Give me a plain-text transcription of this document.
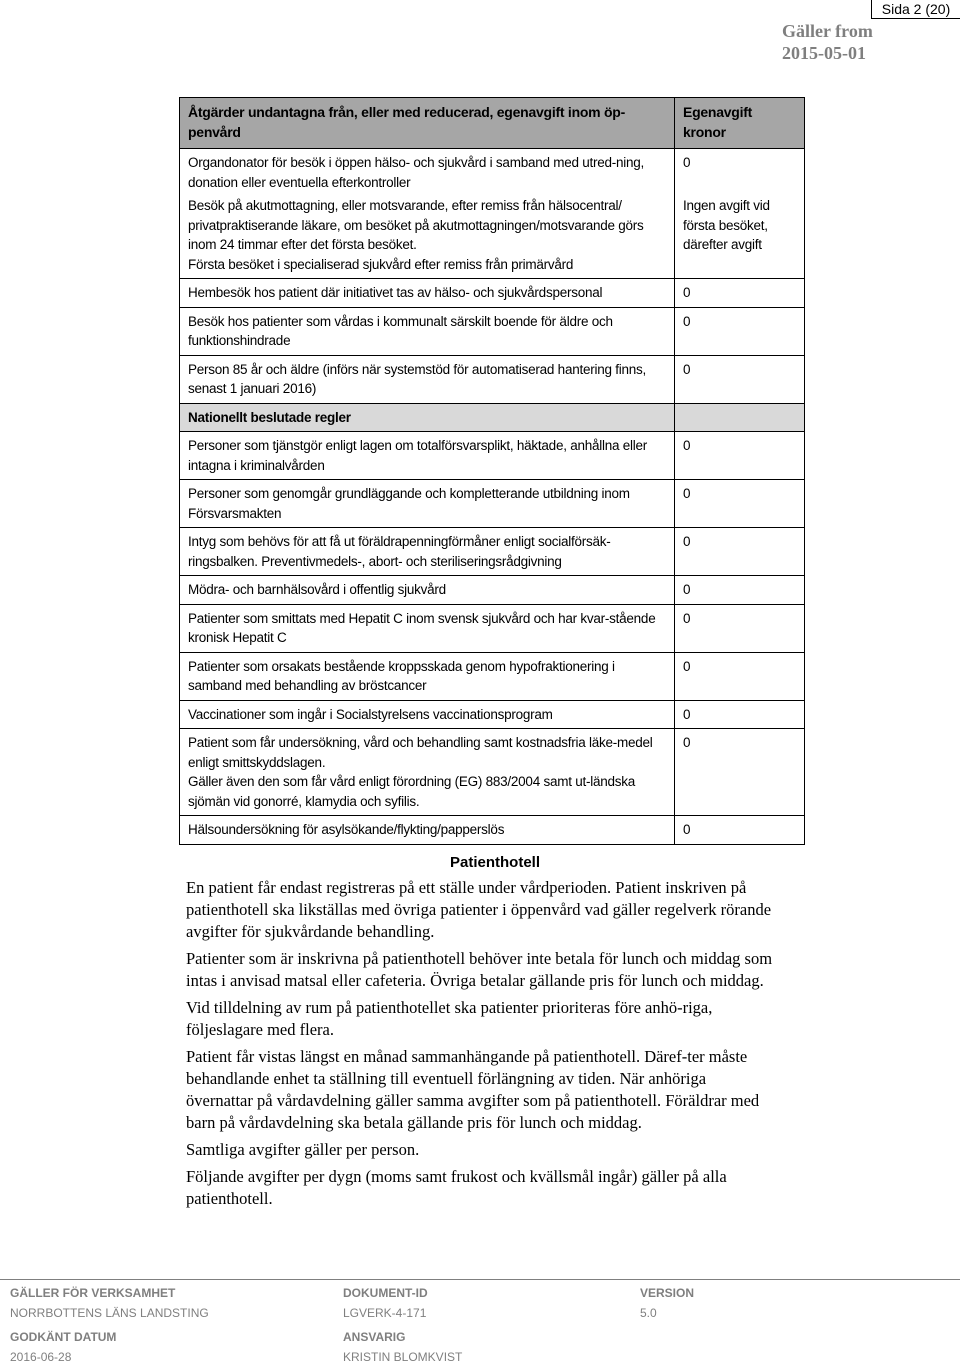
Sida 2 (20)
Gäller from
2015-05-01
Åtgärder undantagna från, eller med reducerad, egenavgift inom öp-penvård	Egenavgift kronor

Organdonator för besök i öppen hälso- och sjukvård i samband med utred-ning, donation eller eventuella efterkontroller	0

Besök på akutmottagning, eller motsvarande, efter remiss från hälsocentral/ privatpraktiserande läkare, om besöket på akutmottagningen/motsvarande görs inom 24 timmar efter det första besöket.
Första besöket i specialiserad sjukvård efter remiss från primärvård	Ingen avgift vid första besöket, därefter avgift

Hembesök hos patient där initiativet tas av hälso- och sjukvårdspersonal	0

Besök hos patienter som vårdas i kommunalt särskilt boende för äldre och funktionshindrade	0

Person 85 år och äldre (införs när systemstöd för automatiserad hantering finns, senast 1 januari 2016)	0
Nationellt beslutade regler	

Personer som tjänstgör enligt lagen om totalförsvarsplikt, häktade, anhållna eller intagna i kriminalvården	0

Personer som genomgår grundläggande och kompletterande utbildning inom Försvarsmakten	0

Intyg som behövs för att få ut föräldrapenningförmåner enligt socialförsäk-ringsbalken. Preventivmedels-, abort- och steriliseringsrådgivning	0

Mödra- och barnhälsovård i offentlig sjukvård	0

Patienter som smittats med Hepatit C inom svensk sjukvård och har kvar-stående kronisk Hepatit C	0

Patienter som orsakats bestående kroppsskada genom hypofraktionering i samband med behandling av bröstcancer	0

Vaccinationer som ingår i Socialstyrelsens vaccinationsprogram	0

Patient som får undersökning, vård och behandling samt kostnadsfria läke-medel enligt smittskyddslagen.
Gäller även den som får vård enligt förordning (EG) 883/2004 samt ut-ländska sjömän vid gonorré, klamydia och syfilis.	0

Hälsoundersökning för asylsökande/flykting/papperslös	0
Patienthotell

En patient får endast registreras på ett ställe under vårdperioden. Patient inskriven på patienthotell ska likställas med övriga patienter i öppenvård vad gäller regelverk rörande avgifter för sjukvårdande behandling.

Patienter som är inskrivna på patienthotell behöver inte betala för lunch och middag som intas i anvisad matsal eller cafeteria. Övriga betalar gällande pris för lunch och middag.

Vid tilldelning av rum på patienthotellet ska patienter prioriteras före anhö-riga, följeslagare med flera.

Patient får vistas längst en månad sammanhängande på patienthotell. Däref-ter måste behandlande enhet ta ställning till eventuell förlängning av tiden. När anhöriga övernattar på vårdavdelning gäller samma avgifter som på patienthotell. Föräldrar med barn på vårdavdelning ska betala gällande pris för lunch och middag.

Samtliga avgifter gäller per person.

Följande avgifter per dygn (moms samt frukost och kvällsmål ingår) gäller på alla patienthotell.

GÄLLER FÖR VERKSAMHET
NORRBOTTENS LÄNS LANDSTING
DOKUMENT-ID
LGVERK-4-171
VERSION
5.0
GODKÄNT DATUM
2016-06-28
ANSVARIG
KRISTIN BLOMKVIST
